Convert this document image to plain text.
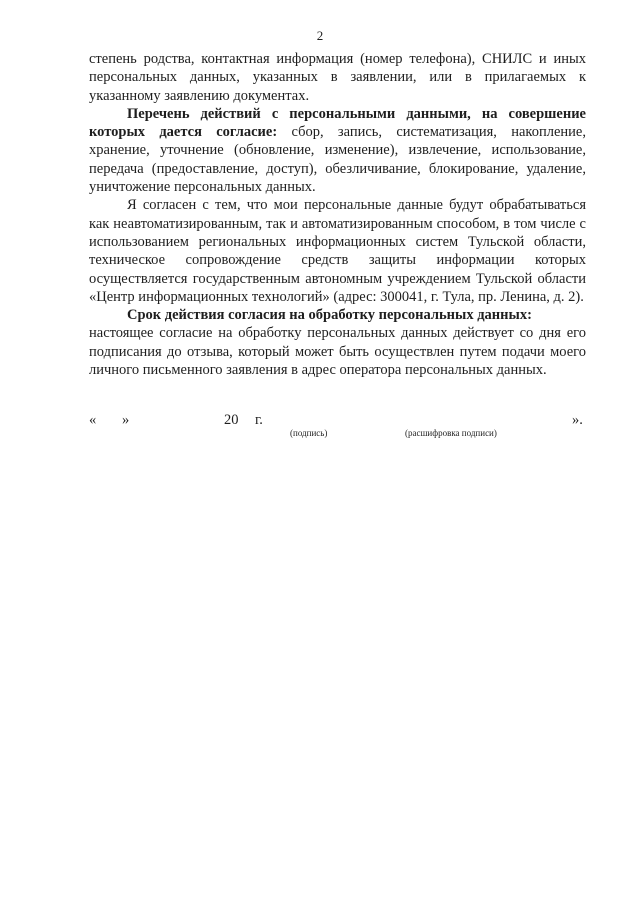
2

степень родства, контактная информация (номер телефона), СНИЛС и иных персональных данных, указанных в заявлении, или в прилагаемых к указанному заявлению документах.

Перечень действий с персональными данными, на совершение которых дается согласие: сбор, запись, систематизация, накопление, хранение, уточнение (обновление, изменение), извлечение, использование, передача (предоставление, доступ), обезличивание, блокирование, удаление, уничтожение персональных данных.

Я согласен с тем, что мои персональные данные будут обрабатываться как неавтоматизированным, так и автоматизированным способом, в том числе с использованием региональных информационных систем Тульской области, техническое сопровождение средств защиты информации которых осуществляется государственным автономным учреждением Тульской области «Центр информационных технологий» (адрес: 300041, г. Тула, пр. Ленина, д. 2).

Срок действия согласия на обработку персональных данных:

настоящее согласие на обработку персональных данных действует со дня его подписания до отзыва, который может быть осуществлен путем подачи моего личного письменного заявления в адрес оператора персональных данных.

« »	20 г.	».
(подпись)	(расшифровка подписи)
